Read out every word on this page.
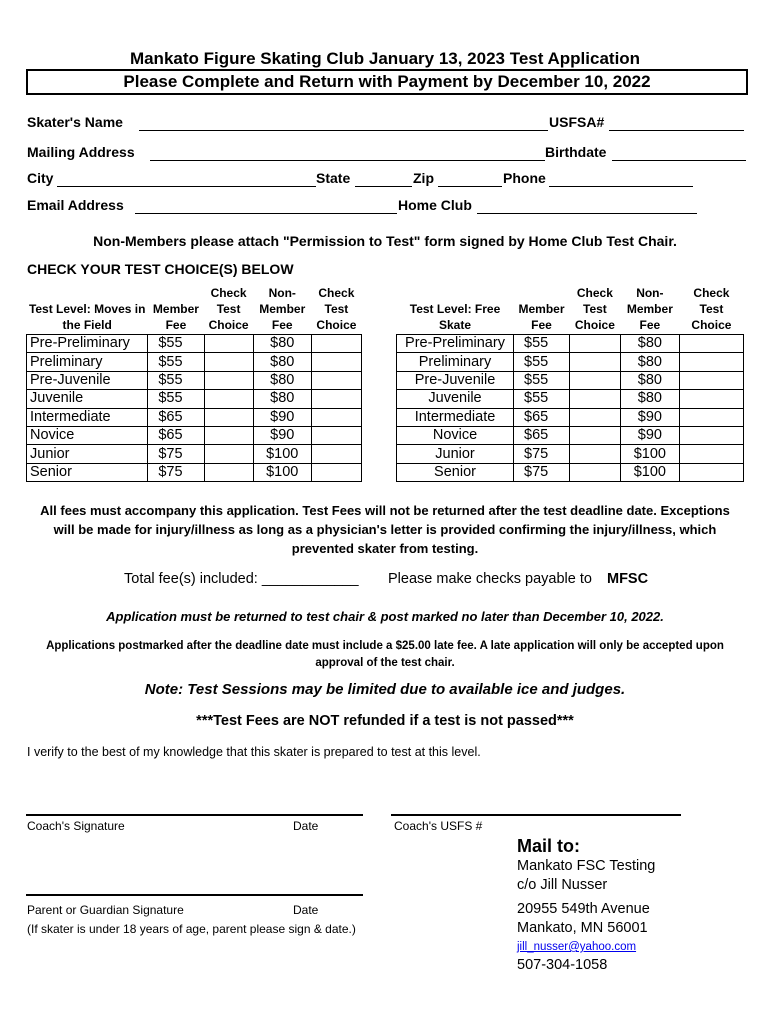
Mankato Figure Skating Club January 13, 2023 Test Application
Please Complete and Return with Payment by December 10, 2022
Skater's Name	USFSA#
Mailing Address	Birthdate
City	State	Zip	Phone
Email Address	Home Club
Non-Members please attach "Permission to Test" form signed by Home Club Test Chair.
CHECK YOUR TEST CHOICE(S) BELOW
Test Level: Moves in the Field	Member Fee	Check Test Choice	Non-Member Fee	Check Test Choice
Pre-Preliminary	$55		$80	
Preliminary	$55		$80	
Pre-Juvenile	$55		$80	
Juvenile	$55		$80	
Intermediate	$65		$90	
Novice	$65		$90	
Junior	$75		$100	
Senior	$75		$100	
Test Level: Free Skate	Member Fee	Check Test Choice	Non-Member Fee	Check Test Choice
Pre-Preliminary	$55		$80	
Preliminary	$55		$80	
Pre-Juvenile	$55		$80	
Juvenile	$55		$80	
Intermediate	$65		$90	
Novice	$65		$90	
Junior	$75		$100	
Senior	$75		$100	
All fees must accompany this application. Test Fees will not be returned after the test deadline date. Exceptions will be made for injury/illness as long as a physician's letter is provided confirming the injury/illness, which prevented skater from testing.
Total fee(s) included: ____________ Please make checks payable to MFSC
Application must be returned to test chair & post marked no later than December 10, 2022.
Applications postmarked after the deadline date must include a $25.00 late fee. A late application will only be accepted upon approval of the test chair.
Note: Test Sessions may be limited due to available ice and judges.
***Test Fees are NOT refunded if a test is not passed***
I verify to the best of my knowledge that this skater is prepared to test at this level.
Coach's Signature	Date	Coach's USFS #
Parent or Guardian Signature	Date
(If skater is under 18 years of age, parent please sign & date.)
Mail to:
Mankato FSC Testing
c/o Jill Nusser
20955 549th Avenue
Mankato, MN 56001
jill_nusser@yahoo.com
507-304-1058
